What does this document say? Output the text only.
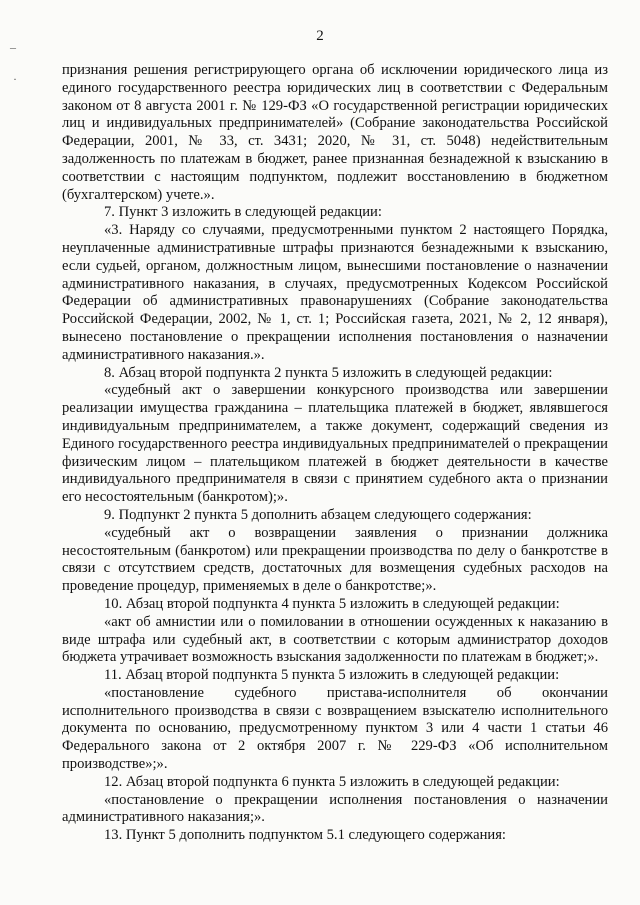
2
–
·

признания решения регистрирующего органа об исключении юридического лица из единого государственного реестра юридических лиц в соответствии с Федеральным законом от 8 августа 2001 г. № 129-ФЗ «О государственной регистрации юридических лиц и индивидуальных предпринимателей» (Собрание законодательства Российской Федерации, 2001, № 33, ст. 3431; 2020, № 31, ст. 5048) недействительным задолженность по платежам в бюджет, ранее признанная безнадежной к взысканию в соответствии с настоящим подпунктом, подлежит восстановлению в бюджетном (бухгалтерском) учете.».

7. Пункт 3 изложить в следующей редакции:

«3. Наряду со случаями, предусмотренными пунктом 2 настоящего Порядка, неуплаченные административные штрафы признаются безнадежными к взысканию, если судьей, органом, должностным лицом, вынесшими постановление о назначении административного наказания, в случаях, предусмотренных Кодексом Российской Федерации об административных правонарушениях (Собрание законодательства Российской Федерации, 2002, № 1, ст. 1; Российская газета, 2021, № 2, 12 января), вынесено постановление о прекращении исполнения постановления о назначении административного наказания.».

8. Абзац второй подпункта 2 пункта 5 изложить в следующей редакции:

«судебный акт о завершении конкурсного производства или завершении реализации имущества гражданина – плательщика платежей в бюджет, являвшегося индивидуальным предпринимателем, а также документ, содержащий сведения из Единого государственного реестра индивидуальных предпринимателей о прекращении физическим лицом – плательщиком платежей в бюджет деятельности в качестве индивидуального предпринимателя в связи с принятием судебного акта о признании его несостоятельным (банкротом);».

9. Подпункт 2 пункта 5 дополнить абзацем следующего содержания:

«судебный акт о возвращении заявления о признании должника несостоятельным (банкротом) или прекращении производства по делу о банкротстве в связи с отсутствием средств, достаточных для возмещения судебных расходов на проведение процедур, применяемых в деле о банкротстве;».

10. Абзац второй подпункта 4 пункта 5 изложить в следующей редакции:

«акт об амнистии или о помиловании в отношении осужденных к наказанию в виде штрафа или судебный акт, в соответствии с которым администратор доходов бюджета утрачивает возможность взыскания задолженности по платежам в бюджет;».

11. Абзац второй подпункта 5 пункта 5 изложить в следующей редакции:

«постановление судебного пристава-исполнителя об окончании исполнительного производства в связи с возвращением взыскателю исполнительного документа по основанию, предусмотренному пунктом 3 или 4 части 1 статьи 46 Федерального закона от 2 октября 2007 г. № 229-ФЗ «Об исполнительном производстве»;».

12. Абзац второй подпункта 6 пункта 5 изложить в следующей редакции:

«постановление о прекращении исполнения постановления о назначении административного наказания;».

13. Пункт 5 дополнить подпунктом 5.1 следующего содержания:
